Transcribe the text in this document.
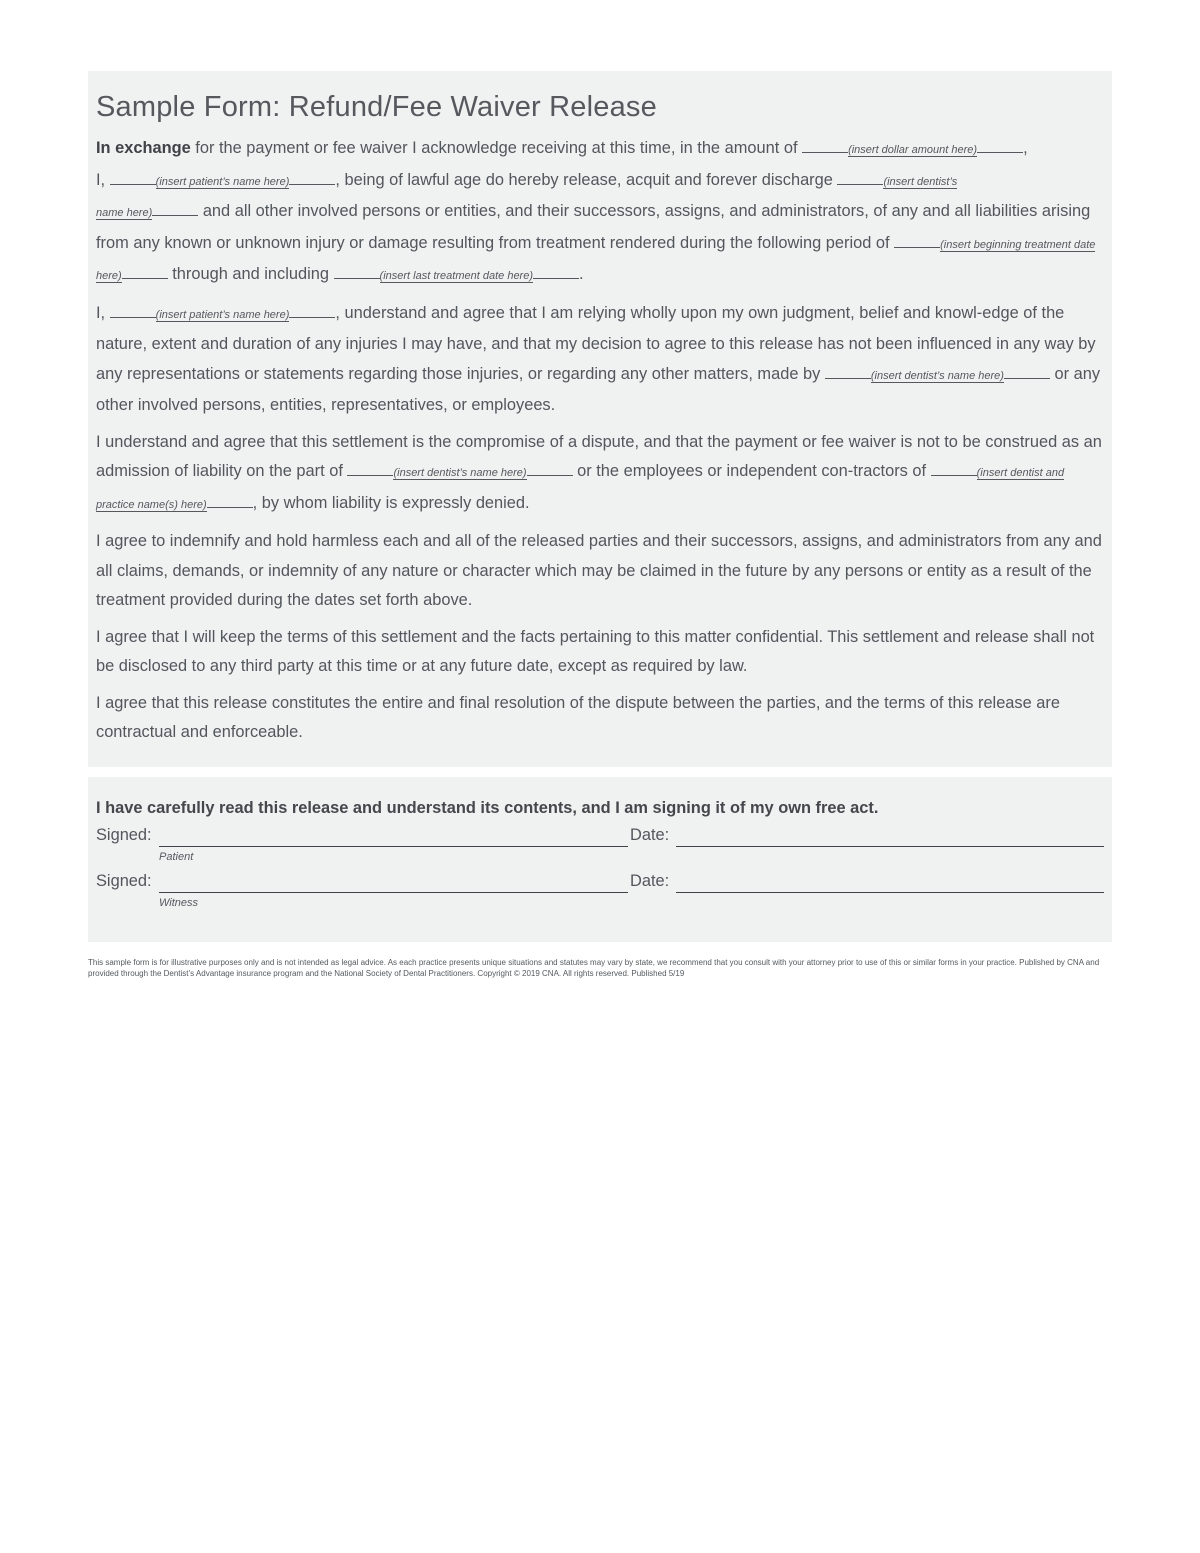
Sample Form: Refund/Fee Waiver Release

In exchange for the payment or fee waiver I acknowledge receiving at this time, in the amount of	(insert dollar amount here)	,
I,	(insert patient’s name here)	, being of lawful age do hereby release, acquit and forever discharge	(insert dentist’s
name here)	and all other involved persons or entities, and their successors, assigns, and administrators, of any and all liabilities arising from any known or unknown injury or damage resulting from treatment rendered during the following period of	(insert beginning treatment date here)	through and including	(insert last treatment date here)	.

I,	(insert patient’s name here)	, understand and agree that I am relying wholly upon my own judgment, belief and knowl-edge of the nature, extent and duration of any injuries I may have, and that my decision to agree to this release has not been influenced in any way by any representations or statements regarding those injuries, or regarding any other matters, made by	(insert dentist’s name here)	or any other involved persons, entities, representatives, or employees.

I understand and agree that this settlement is the compromise of a dispute, and that the payment or fee waiver is not to be construed as an admission of liability on the part of	(insert dentist’s name here)	or the employees or independent con-tractors of	(insert dentist and practice name(s) here)	, by whom liability is expressly denied.

I agree to indemnify and hold harmless each and all of the released parties and their successors, assigns, and administrators from any and all claims, demands, or indemnity of any nature or character which may be claimed in the future by any persons or entity as a result of the treatment provided during the dates set forth above.

I agree that I will keep the terms of this settlement and the facts pertaining to this matter confidential. This settlement and release shall not be disclosed to any third party at this time or at any future date, except as required by law.

I agree that this release constitutes the entire and final resolution of the dispute between the parties, and the terms of this release are contractual and enforceable.

I have carefully read this release and understand its contents, and I am signing it of my own free act.
Signed:
Patient
Date:
Signed:
Witness
Date:
This sample form is for illustrative purposes only and is not intended as legal advice. As each practice presents unique situations and statutes may vary by state, we recommend that you consult with your attorney prior to use of this or similar forms in your practice. Published by CNA and provided through the Dentist’s Advantage insurance program and the National Society of Dental Practitioners. Copyright © 2019 CNA. All rights reserved. Published 5/19
